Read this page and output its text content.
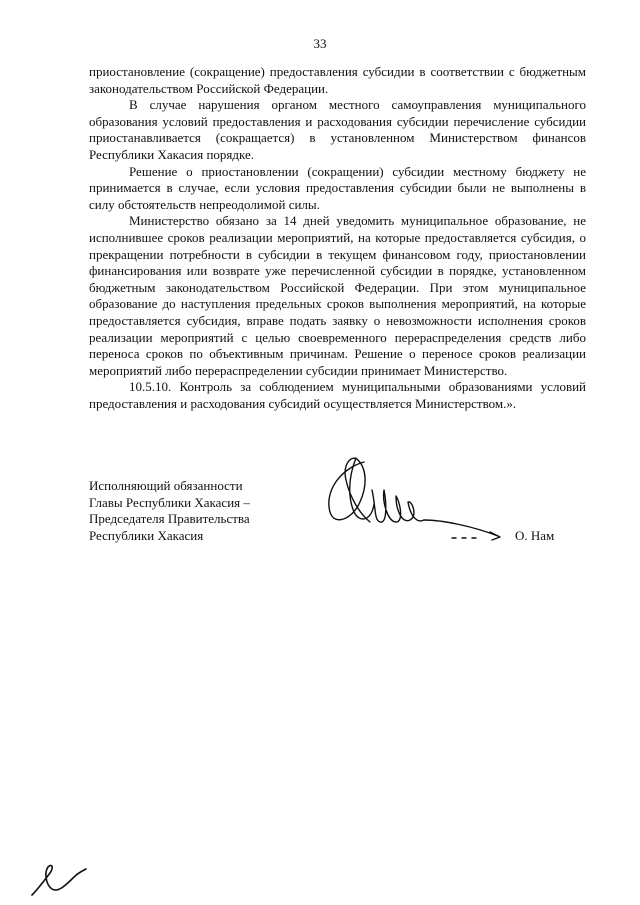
33

приостановление (сокращение) предоставления субсидии в соответствии с бюджетным законодательством Российской Федерации.

В случае нарушения органом местного самоуправления муниципального образования условий предоставления и расходования субсидии перечисление субсидии приостанавливается (сокращается) в установленном Министерством финансов Республики Хакасия порядке.

Решение о приостановлении (сокращении) субсидии местному бюджету не принимается в случае, если условия предоставления субсидии были не выполнены в силу обстоятельств непреодолимой силы.

Министерство обязано за 14 дней уведомить муниципальное образование, не исполнившее сроков реализации мероприятий, на которые предоставляется субсидия, о прекращении потребности в субсидии в текущем финансовом году, приостановлении финансирования или возврате уже перечисленной субсидии в порядке, установленном бюджетным законодательством Российской Федерации. При этом муниципальное образование до наступления предельных сроков выполнения мероприятий, на которые предоставляется субсидия, вправе подать заявку о невозможности исполнения сроков реализации мероприятий с целью своевременного перераспределения средств либо переноса сроков по объективным причинам. Решение о переносе сроков реализации мероприятий либо перераспределении субсидии принимает Министерство.

10.5.10. Контроль за соблюдением муниципальными образованиями условий предоставления и расходования субсидий осуществляется Министерством.».

Исполняющий обязанности
Главы Республики Хакасия –
Председателя Правительства
Республики Хакасия	О. Нам
